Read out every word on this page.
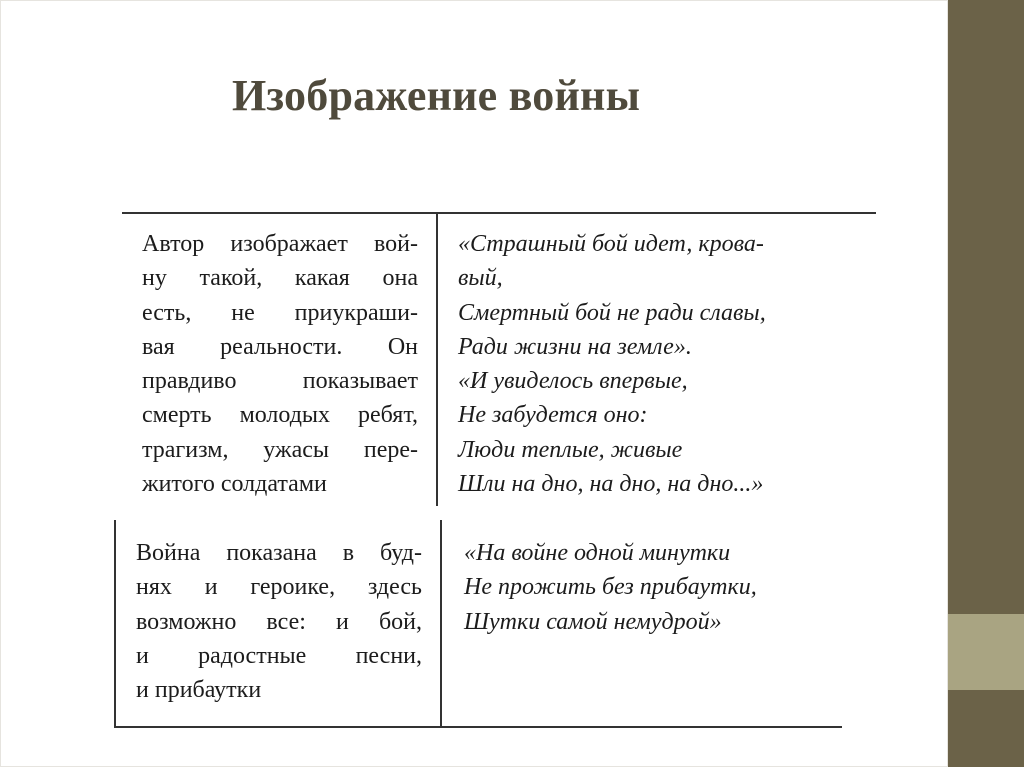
Изображение войны
Автор изображает вой-
ну такой, какая она
есть, не приукраши-
вая реальности. Он
правдиво показывает
смерть молодых ребят,
трагизм, ужасы пере-
житого солдатами
«Страшный бой идет, крова-
вый,
Смертный бой не ради славы,
Ради жизни на земле».
«И увиделось впервые,
Не забудется оно:
Люди теплые, живые
Шли на дно, на дно, на дно...»
Война показана в буд-
нях и героике, здесь
возможно все: и бой,
и радостные песни,
и прибаутки
«На войне одной минутки
Не прожить без прибаутки,
Шутки самой немудрой»
